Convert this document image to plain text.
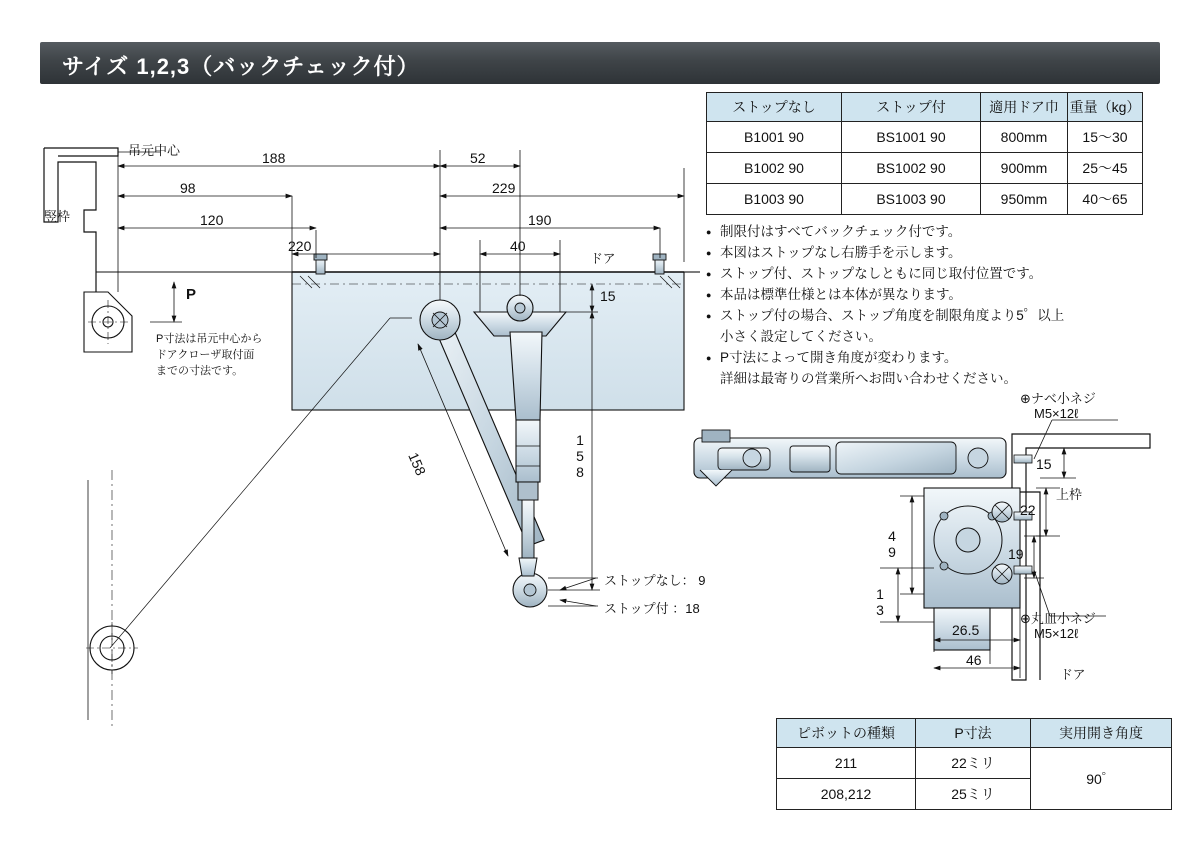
サイズ 1,2,3（バックチェック付）
ストップなし	ストップ付	適用ドア巾	重量（kg）
B1001 90	BS1001 90	800mm	15〜30
B1002 90	BS1002 90	900mm	25〜45
B1003 90	BS1003 90	950mm	40〜65
● 制限付はすべてバックチェック付です。
● 本図はストップなし右勝手を示します。
● ストップ付、ストップなしともに同じ取付位置です。
● 本品は標準仕様とは本体が異なります。
● ストップ付の場合、ストップ角度を制限角度より5゜以上
小さく設定してください。
● P寸法によって開き角度が変わります。
詳細は最寄りの営業所へお問い合わせください。
ピボットの種類	P寸法	実用開き角度
211	22ミリ	90゜
208,212	25ミリ	
吊元中心
竪枠
ドア
P
P寸法は吊元中心から
ドアクローザ取付面
までの寸法です。
188	52
98	229
120	190
220	40
15
158
158
ストップなし： 9
ストップ付 ：18
⊕ナベ小ネジ
M5×12ℓ
⊕丸皿小ネジ
M5×12ℓ
上枠
ドア
15
22
19
49
13
26.5
46
